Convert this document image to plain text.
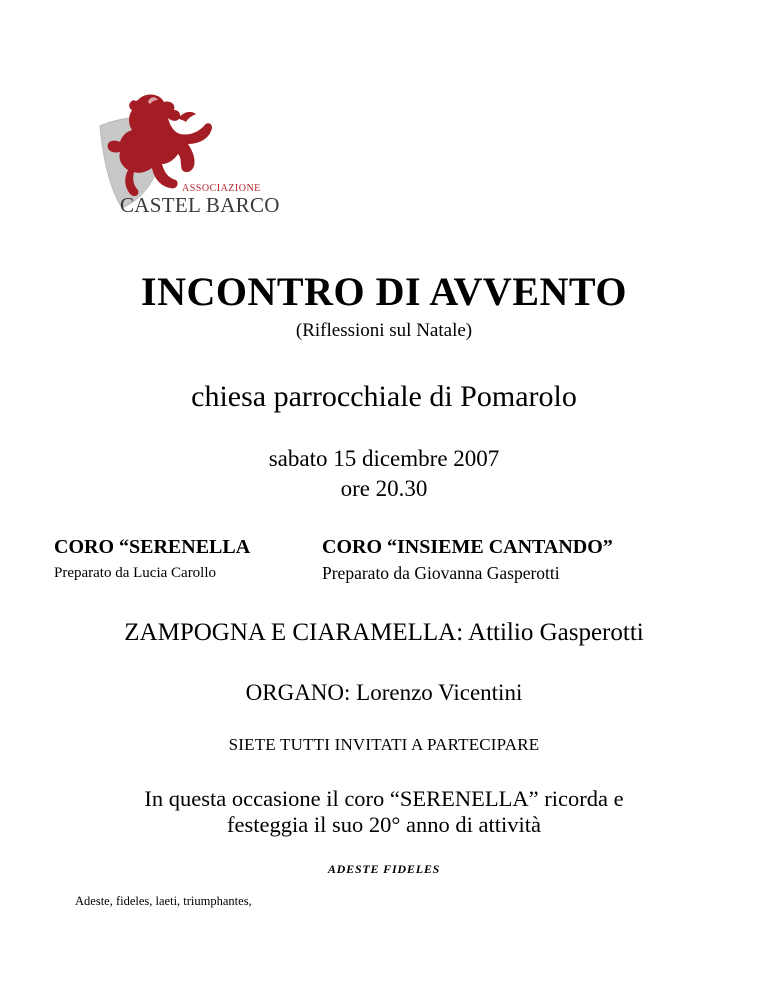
ASSOCIAZIONE
CASTEL BARCO
INCONTRO DI AVVENTO
(Riflessioni sul Natale)
chiesa parrocchiale di Pomarolo
sabato 15 dicembre 2007
ore 20.30
CORO “SERENELLA	CORO “INSIEME CANTANDO”
Preparato da Lucia Carollo	Preparato da Giovanna Gasperotti
ZAMPOGNA E CIARAMELLA: Attilio Gasperotti
ORGANO: Lorenzo Vicentini
SIETE TUTTI INVITATI A PARTECIPARE
In questa occasione il coro “SERENELLA” ricorda e
festeggia il suo 20° anno di attività
ADESTE FIDELES
Adeste, fideles, laeti, triumphantes,
